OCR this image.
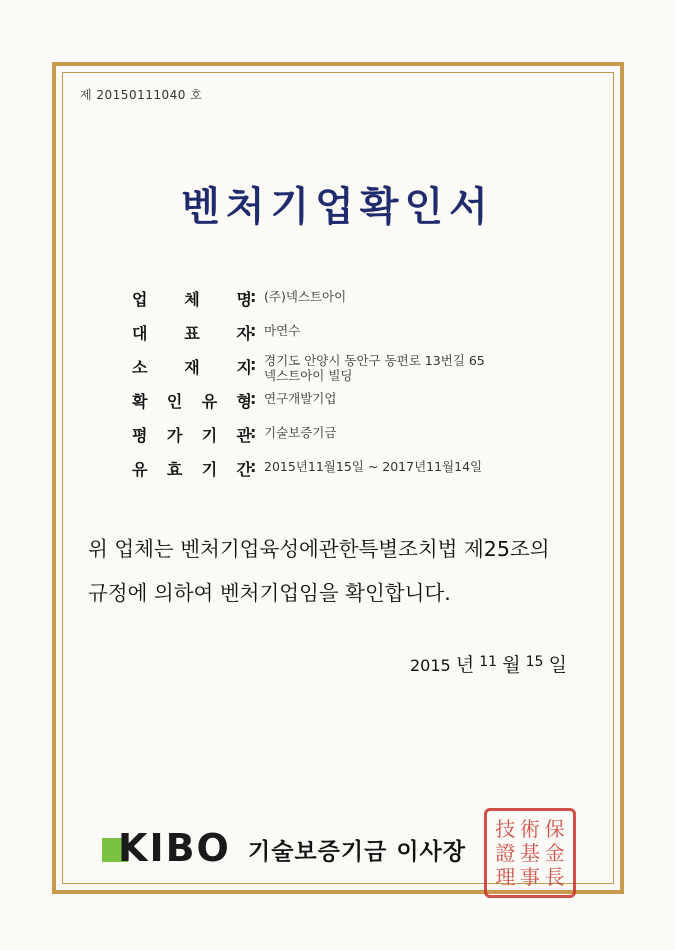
제 20150111040 호
벤처기업확인서
업 체 명
: (주)넥스트아이
대 표 자
: 마연수
소 재 지
: 경기도 안양시 동안구 동편로 13번길 65 넥스트아이 빌딩
확 인 유 형
: 연구개발기업
평 가 기 관
: 기술보증기금
유 효 기 간
: 2015년11월15일 ~ 2017년11월14일
위 업체는 벤처기업육성에관한특별조치법 제25조의
규정에 의하여 벤처기업임을 확인합니다.
2015 년 11 월 15 일
KIBO 기술보증기금 이사장
技 術 保
證 基 金
理 事 長
